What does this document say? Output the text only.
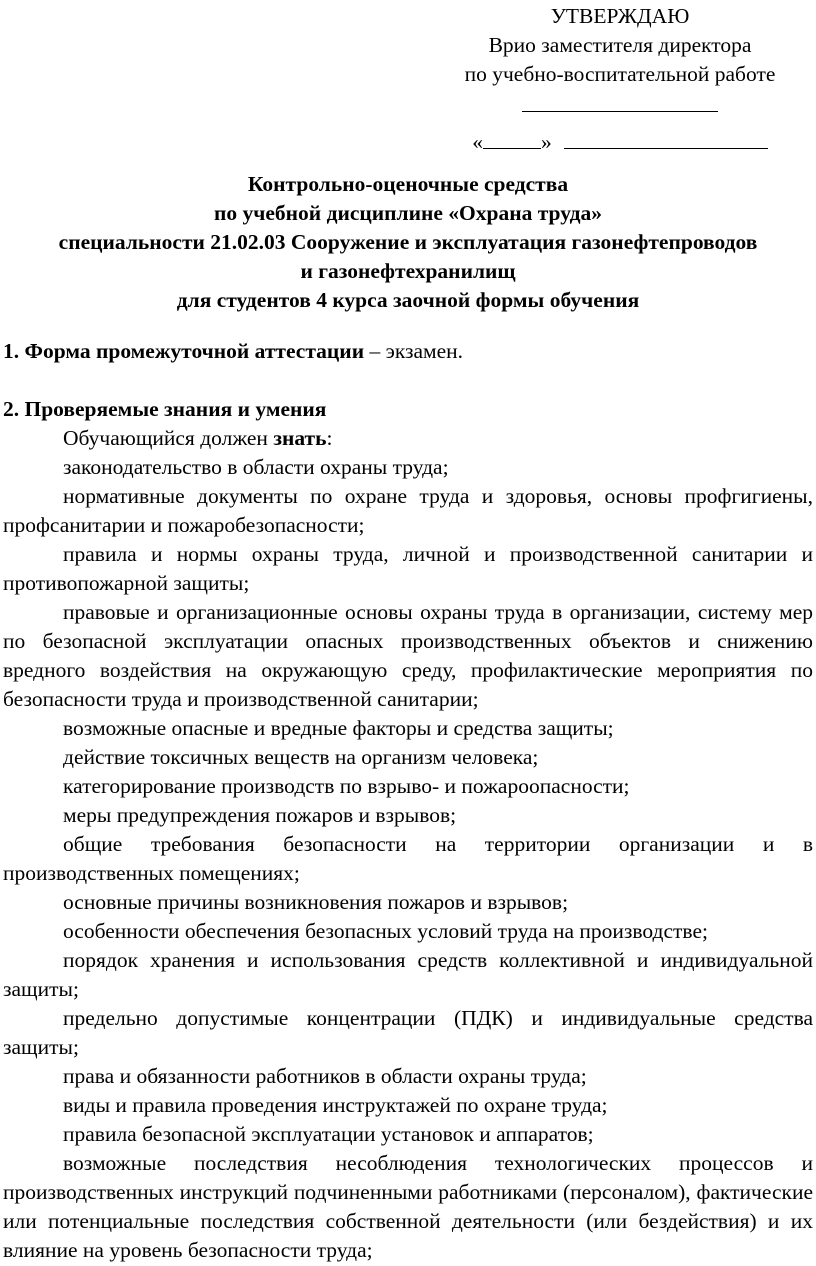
УТВЕРЖДАЮ
Врио заместителя директора
по учебно-воспитательной работе
«	»
Контрольно-оценочные средства
по учебной дисциплине «Охрана труда»
специальности 21.02.03 Сооружение и эксплуатация газонефтепроводов
и газонефтехранилищ
для студентов 4 курса заочной формы обучения
1. Форма промежуточной аттестации – экзамен.
2. Проверяемые знания и умения

Обучающийся должен знать:

законодательство в области охраны труда;

нормативные документы по охране труда и здоровья, основы профгигиены, профсанитарии и пожаробезопасности;

правила и нормы охраны труда, личной и производственной санитарии и противопожарной защиты;

правовые и организационные основы охраны труда в организации, систему мер по безопасной эксплуатации опасных производственных объектов и снижению вредного воздействия на окружающую среду, профилактические мероприятия по безопасности труда и производственной санитарии;

возможные опасные и вредные факторы и средства защиты;

действие токсичных веществ на организм человека;

категорирование производств по взрыво- и пожароопасности;

меры предупреждения пожаров и взрывов;

общие требования безопасности на территории организации и в производственных помещениях;

основные причины возникновения пожаров и взрывов;

особенности обеспечения безопасных условий труда на производстве;

порядок хранения и использования средств коллективной и индивидуальной защиты;

предельно допустимые концентрации (ПДК) и индивидуальные средства защиты;

права и обязанности работников в области охраны труда;

виды и правила проведения инструктажей по охране труда;

правила безопасной эксплуатации установок и аппаратов;

возможные последствия несоблюдения технологических процессов и производственных инструкций подчиненными работниками (персоналом), фактические или потенциальные последствия собственной деятельности (или бездействия) и их влияние на уровень безопасности труда;
